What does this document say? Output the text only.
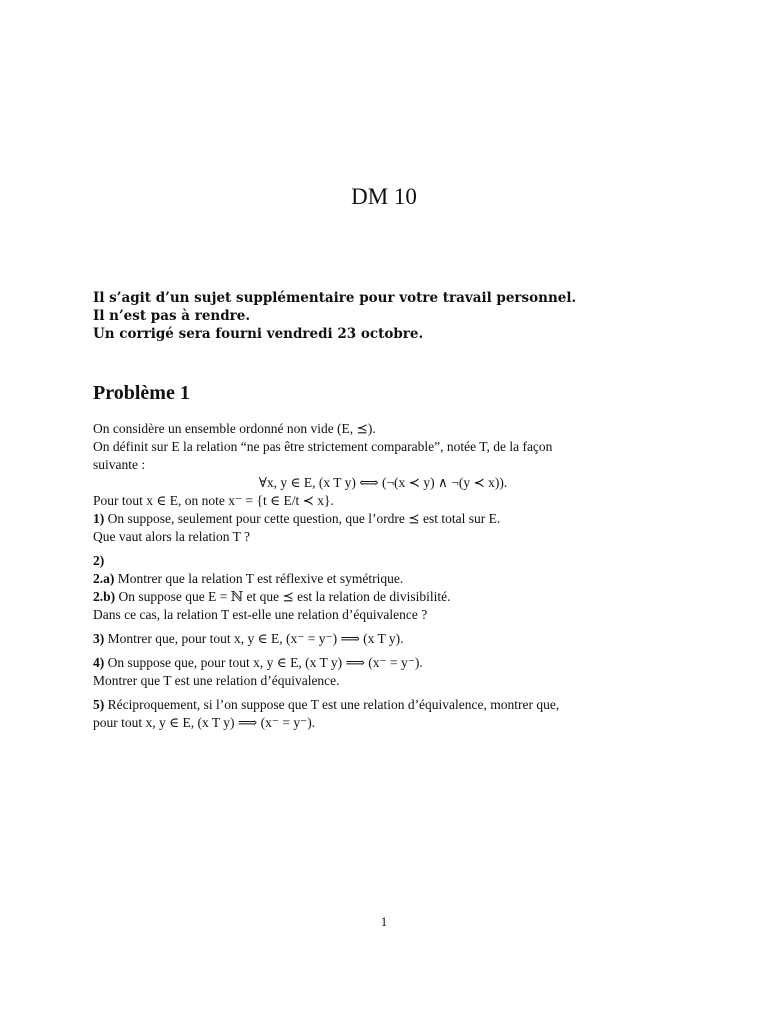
DM 10
Il s’agit d’un sujet supplémentaire pour votre travail personnel.
Il n’est pas à rendre.
Un corrigé sera fourni vendredi 23 octobre.
Problème 1
On considère un ensemble ordonné non vide (E, ⪯).
On définit sur E la relation “ne pas être strictement comparable”, notée T, de la façon
suivante :
∀x, y ∈ E, (x T y) ⟺ (¬(x ≺ y) ∧ ¬(y ≺ x)).
Pour tout x ∈ E, on note x⁻ = {t ∈ E/t ≺ x}.
1) On suppose, seulement pour cette question, que l’ordre ⪯ est total sur E.
Que vaut alors la relation T ?
2)
2.a) Montrer que la relation T est réflexive et symétrique.
2.b) On suppose que E = ℕ et que ⪯ est la relation de divisibilité.
Dans ce cas, la relation T est-elle une relation d’équivalence ?
3) Montrer que, pour tout x, y ∈ E, (x⁻ = y⁻) ⟹ (x T y).
4) On suppose que, pour tout x, y ∈ E, (x T y) ⟹ (x⁻ = y⁻).
Montrer que T est une relation d’équivalence.
5) Réciproquement, si l’on suppose que T est une relation d’équivalence, montrer que,
pour tout x, y ∈ E, (x T y) ⟹ (x⁻ = y⁻).
1
